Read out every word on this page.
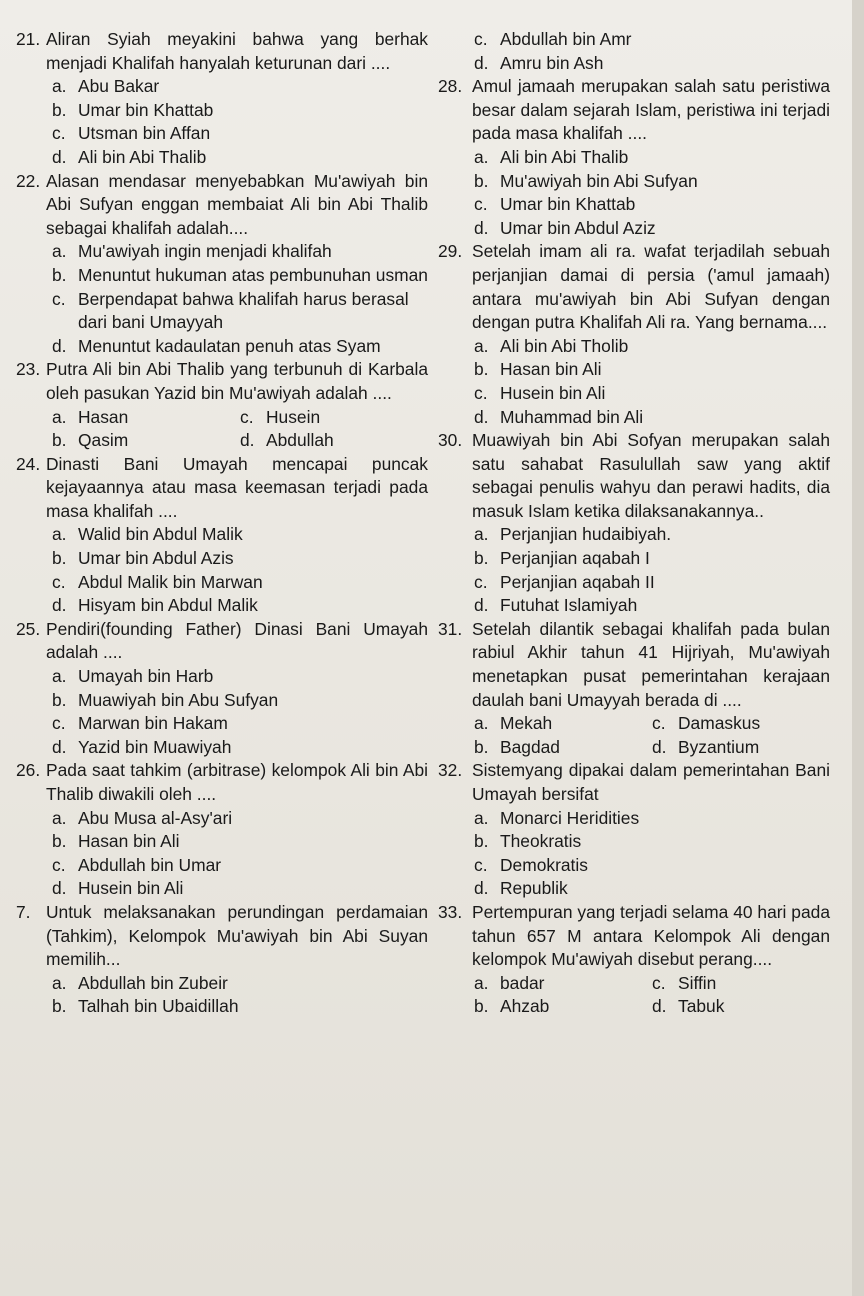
21. Aliran Syiah meyakini bahwa yang berhak menjadi Khalifah hanyalah keturunan dari ....
a. Abu Bakar
b. Umar bin Khattab
c. Utsman bin Affan
d. Ali bin Abi Thalib
22. Alasan mendasar menyebabkan Mu'awiyah bin Abi Sufyan enggan membaiat Ali bin Abi Thalib sebagai khalifah adalah....
a. Mu'awiyah ingin menjadi khalifah
b. Menuntut hukuman atas pembunuhan usman
c. Berpendapat bahwa khalifah harus berasal dari bani Umayyah
d. Menuntut kadaulatan penuh atas Syam
23. Putra Ali bin Abi Thalib yang terbunuh di Karbala oleh pasukan Yazid bin Mu'awiyah adalah ....
a. Hasan	c. Husein
b. Qasim	d. Abdullah
24. Dinasti Bani Umayah mencapai puncak kejayaannya atau masa keemasan terjadi pada masa khalifah ....
a. Walid bin Abdul Malik
b. Umar bin Abdul Azis
c. Abdul Malik bin Marwan
d. Hisyam bin Abdul Malik
25. Pendiri(founding Father) Dinasi Bani Umayah adalah ....
a. Umayah bin Harb
b. Muawiyah bin Abu Sufyan
c. Marwan bin Hakam
d. Yazid bin Muawiyah
26. Pada saat tahkim (arbitrase) kelompok Ali bin Abi Thalib diwakili oleh ....
a. Abu Musa al-Asy'ari
b. Hasan bin Ali
c. Abdullah bin Umar
d. Husein bin Ali
7. Untuk melaksanakan perundingan perdamaian (Tahkim), Kelompok Mu'awiyah bin Abi Suyan memilih...
a. Abdullah bin Zubeir
b. Talhah bin Ubaidillah
c. Abdullah bin Amr
d. Amru bin Ash
28. Amul jamaah merupakan salah satu peristiwa besar dalam sejarah Islam, peristiwa ini terjadi pada masa khalifah ....
a. Ali bin Abi Thalib
b. Mu'awiyah bin Abi Sufyan
c. Umar bin Khattab
d. Umar bin Abdul Aziz
29. Setelah imam ali ra. wafat terjadilah sebuah perjanjian damai di persia ('amul jamaah) antara mu'awiyah bin Abi Sufyan dengan dengan putra Khalifah Ali ra. Yang bernama....
a. Ali bin Abi Tholib
b. Hasan bin Ali
c. Husein bin Ali
d. Muhammad bin Ali
30. Muawiyah bin Abi Sofyan merupakan salah satu sahabat Rasulullah saw yang aktif sebagai penulis wahyu dan perawi hadits, dia masuk Islam ketika dilaksanakannya..
a. Perjanjian hudaibiyah.
b. Perjanjian aqabah I
c. Perjanjian aqabah II
d. Futuhat Islamiyah
31. Setelah dilantik sebagai khalifah pada bulan rabiul Akhir tahun 41 Hijriyah, Mu'awiyah menetapkan pusat pemerintahan kerajaan daulah bani Umayyah berada di ....
a. Mekah	c. Damaskus
b. Bagdad	d. Byzantium
32. Sistemyang dipakai dalam pemerintahan Bani Umayah bersifat
a. Monarci Heridities
b. Theokratis
c. Demokratis
d. Republik
33. Pertempuran yang terjadi selama 40 hari pada tahun 657 M antara Kelompok Ali dengan kelompok Mu'awiyah disebut perang....
a. badar	c. Siffin
b. Ahzab	d. Tabuk
